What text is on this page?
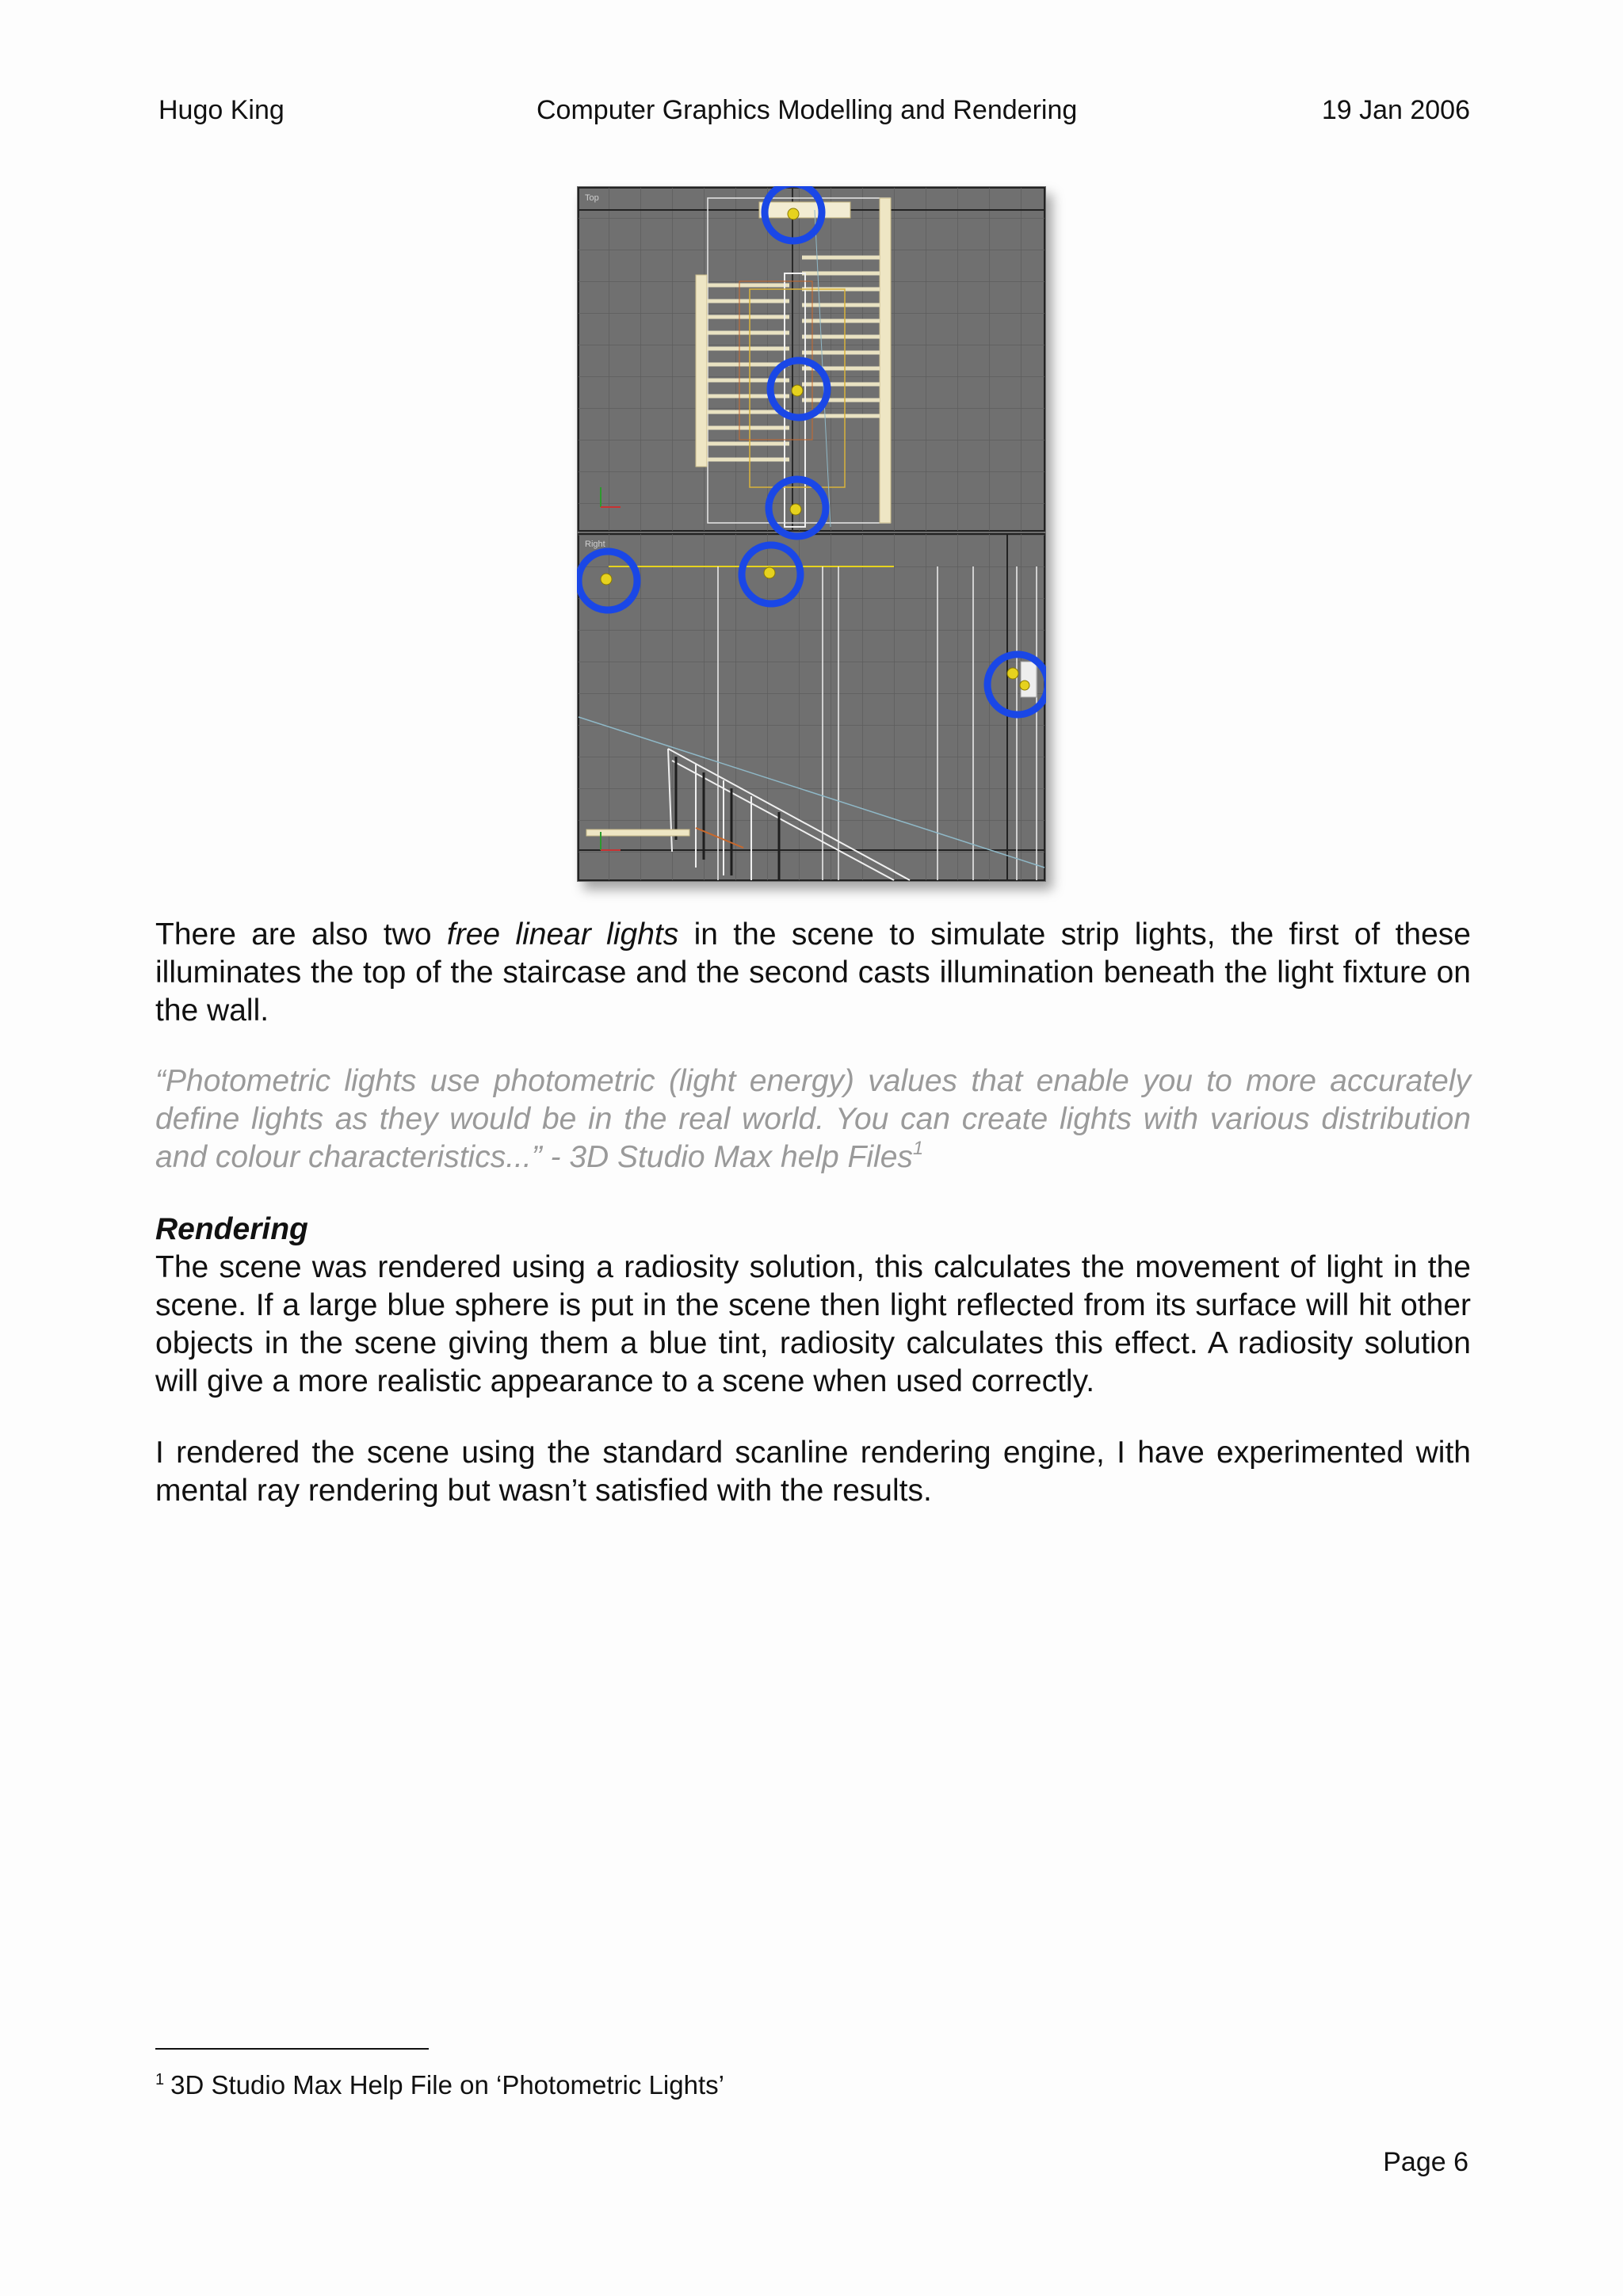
Hugo King	Computer Graphics Modelling and Rendering	19 Jan 2006
Top
Right
There are also two free linear lights in the scene to simulate strip lights, the first of these illuminates the top of the staircase and the second casts illumination beneath the light fixture on the wall.
“Photometric lights use photometric (light energy) values that enable you to more accurately define lights as they would be in the real world. You can create lights with various distribution and colour characteristics...” - 3D Studio Max help Files$^1$
Rendering
The scene was rendered using a radiosity solution, this calculates the movement of light in the scene. If a large blue sphere is put in the scene then light reflected from its surface will hit other objects in the scene giving them a blue tint, radiosity calculates this effect. A radiosity solution will give a more realistic appearance to a scene when used correctly.
I rendered the scene using the standard scanline rendering engine, I have experimented with mental ray rendering but wasn’t satisfied with the results.
$^1$ 3D Studio Max Help File on ‘Photometric Lights’
Page 6
